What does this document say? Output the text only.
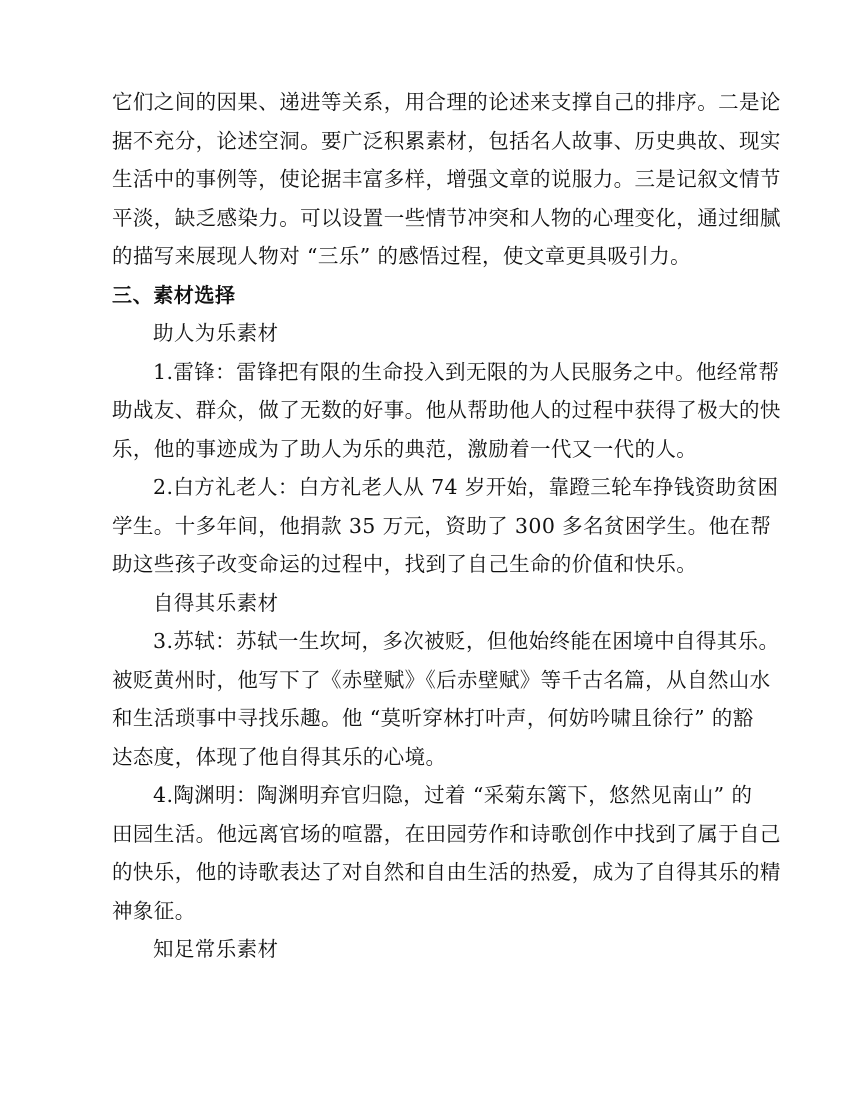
它们之间的因果、递进等关系，用合理的论述来支撑自己的排序。二是论
据不充分，论述空洞。要广泛积累素材，包括名人故事、历史典故、现实
生活中的事例等，使论据丰富多样，增强文章的说服力。三是记叙文情节
平淡，缺乏感染力。可以设置一些情节冲突和人物的心理变化，通过细腻
的描写来展现人物对 “三乐” 的感悟过程，使文章更具吸引力。
三、素材选择
助人为乐素材
1.雷锋：雷锋把有限的生命投入到无限的为人民服务之中。他经常帮
助战友、群众，做了无数的好事。他从帮助他人的过程中获得了极大的快
乐，他的事迹成为了助人为乐的典范，激励着一代又一代的人。
2.白方礼老人：白方礼老人从 74 岁开始，靠蹬三轮车挣钱资助贫困
学生。十多年间，他捐款 35 万元，资助了 300 多名贫困学生。他在帮
助这些孩子改变命运的过程中，找到了自己生命的价值和快乐。
自得其乐素材
3.苏轼：苏轼一生坎坷，多次被贬，但他始终能在困境中自得其乐。
被贬黄州时，他写下了《赤壁赋》《后赤壁赋》等千古名篇，从自然山水
和生活琐事中寻找乐趣。他 “莫听穿林打叶声，何妨吟啸且徐行” 的豁
达态度，体现了他自得其乐的心境。
4.陶渊明：陶渊明弃官归隐，过着 “采菊东篱下，悠然见南山” 的
田园生活。他远离官场的喧嚣，在田园劳作和诗歌创作中找到了属于自己
的快乐，他的诗歌表达了对自然和自由生活的热爱，成为了自得其乐的精
神象征。
知足常乐素材
